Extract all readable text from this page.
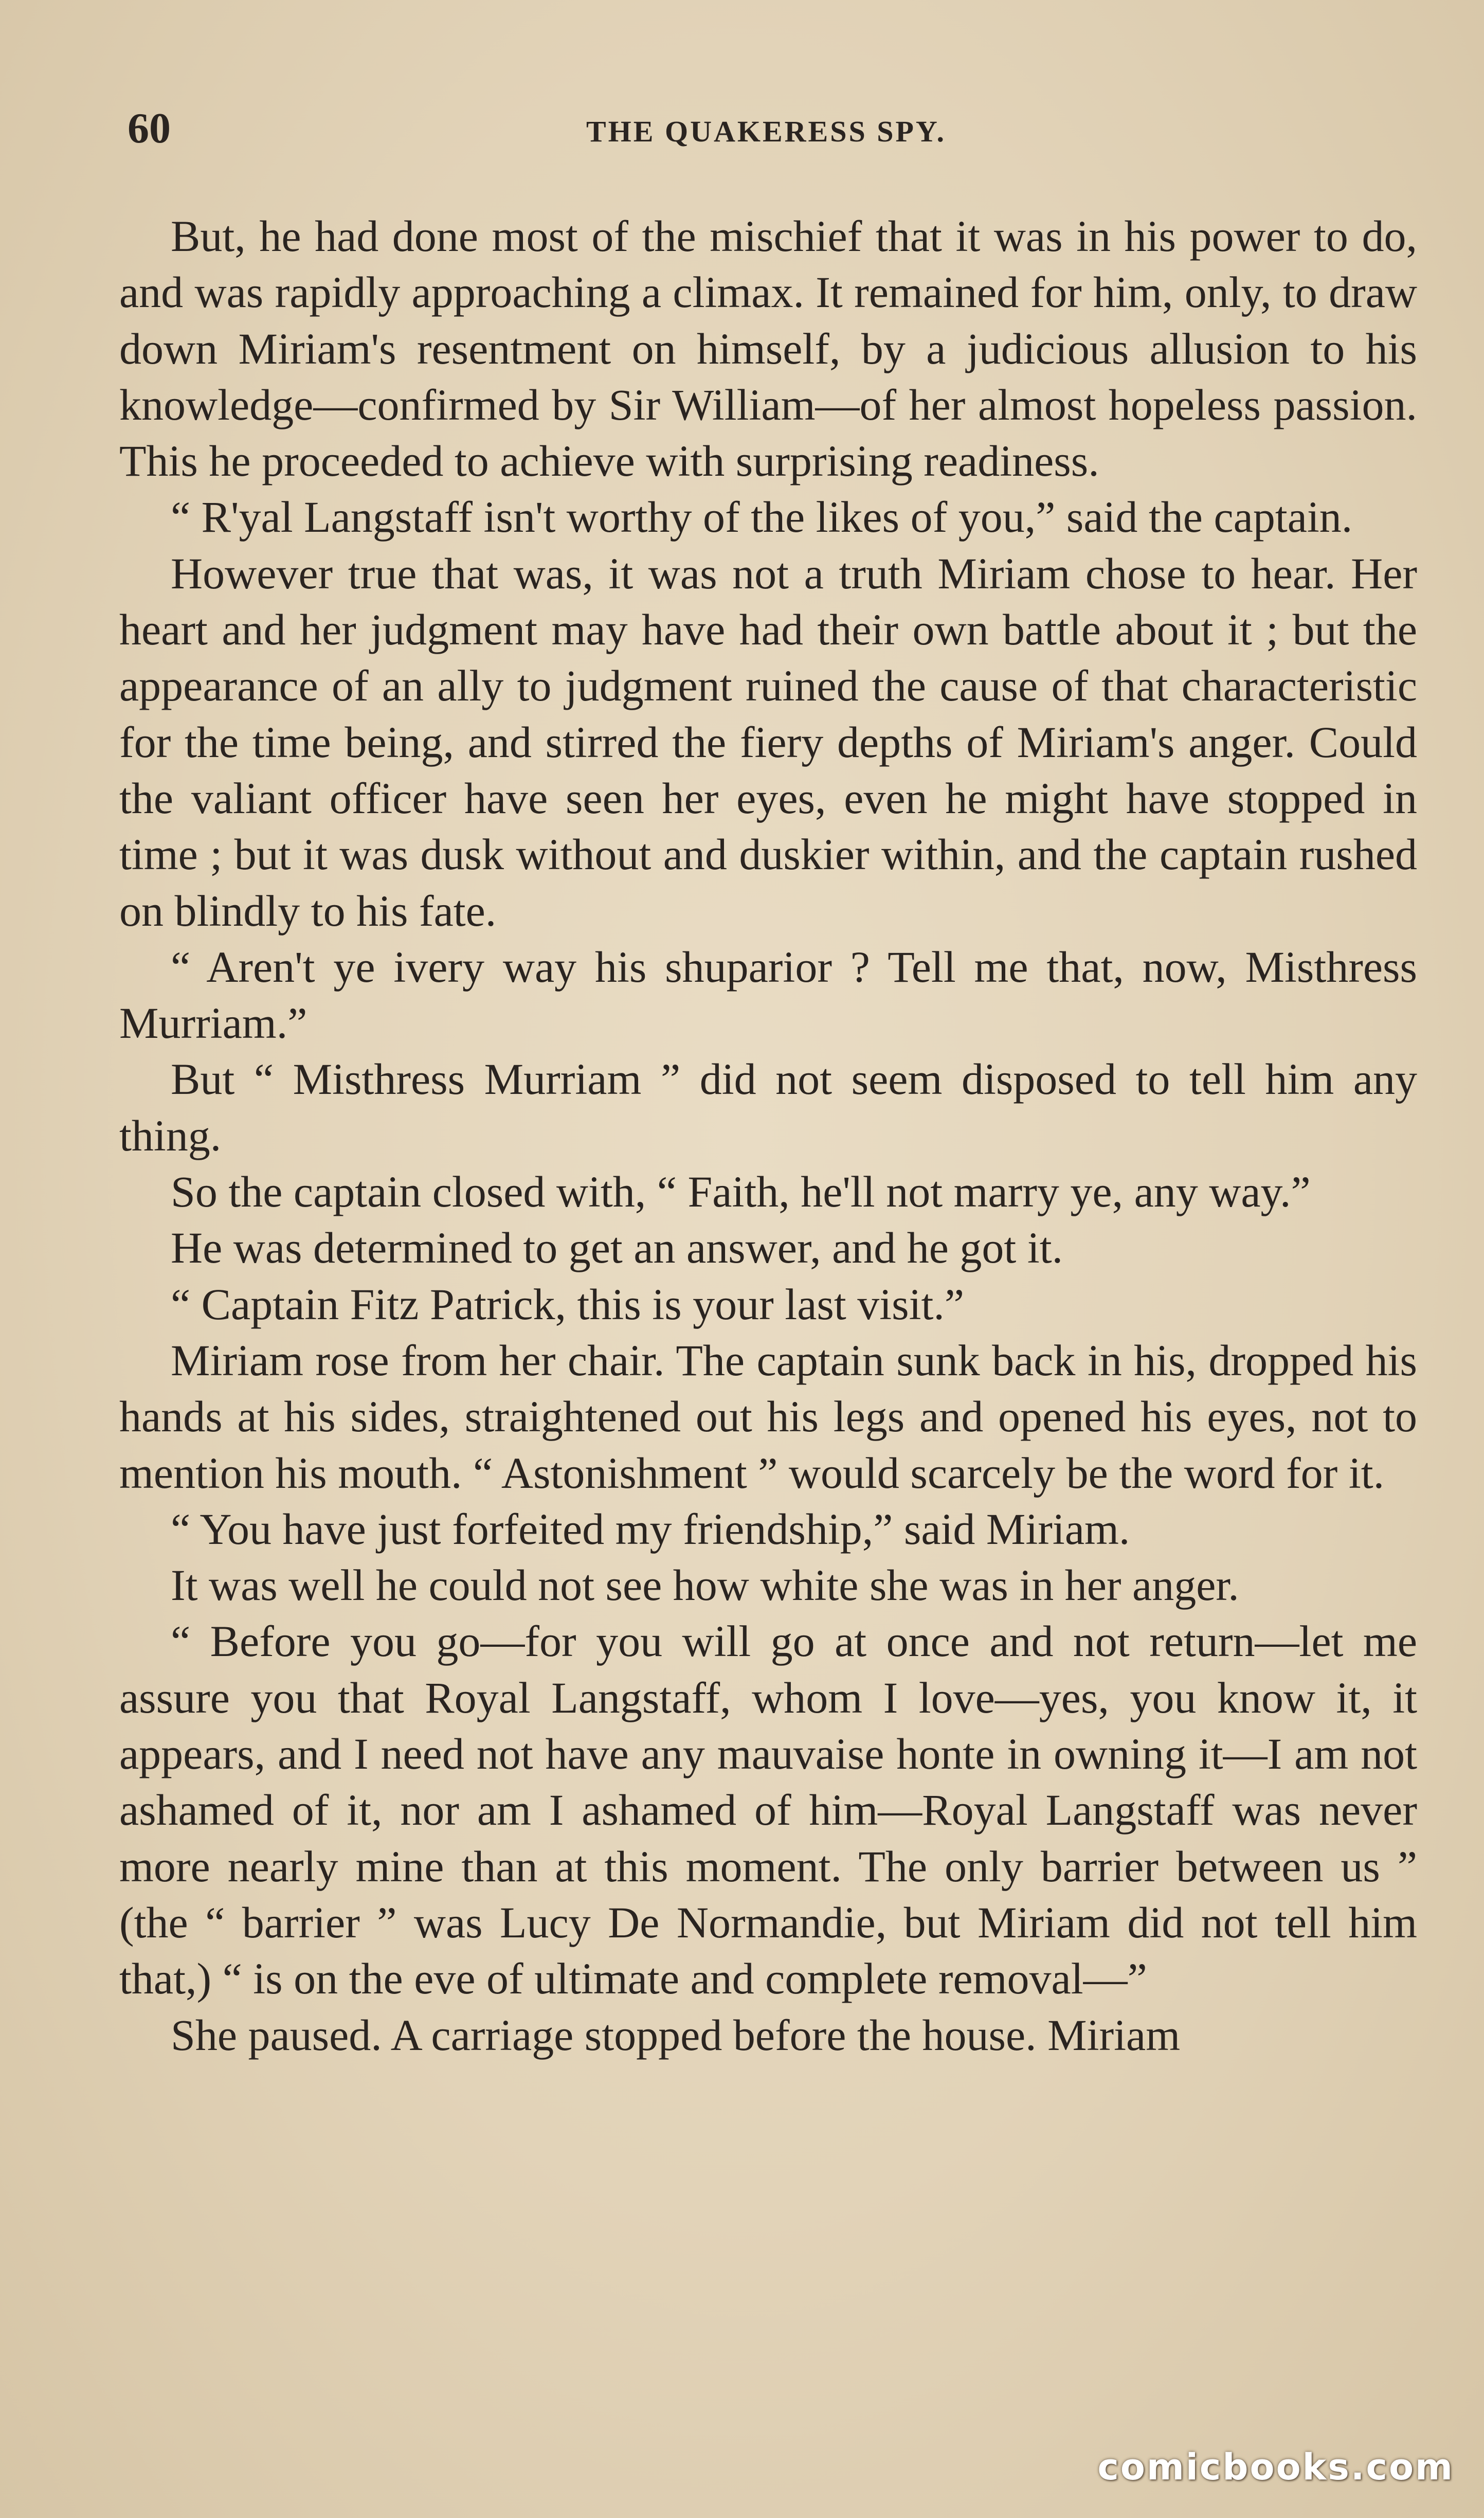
60	THE QUAKERESS SPY.

But, he had done most of the mischief that it was in his power to do, and was rapidly approaching a climax. It remained for him, only, to draw down Miriam's resentment on himself, by a judicious allusion to his knowledge—confirmed by Sir William—of her almost hopeless passion. This he proceeded to achieve with surprising readiness.

“ R'yal Langstaff isn't worthy of the likes of you,” said the captain.

However true that was, it was not a truth Miriam chose to hear. Her heart and her judgment may have had their own battle about it ; but the appearance of an ally to judgment ruined the cause of that characteristic for the time being, and stirred the fiery depths of Miriam's anger. Could the valiant officer have seen her eyes, even he might have stopped in time ; but it was dusk without and duskier within, and the captain rushed on blindly to his fate.

“ Aren't ye ivery way his shuparior ? Tell me that, now, Misthress Murriam.”

But “ Misthress Murriam ” did not seem disposed to tell him any thing.

So the captain closed with, “ Faith, he'll not marry ye, any way.”

He was determined to get an answer, and he got it.

“ Captain Fitz Patrick, this is your last visit.”

Miriam rose from her chair. The captain sunk back in his, dropped his hands at his sides, straightened out his legs and opened his eyes, not to mention his mouth. “ Astonishment ” would scarcely be the word for it.

“ You have just forfeited my friendship,” said Miriam.

It was well he could not see how white she was in her anger.

“ Before you go—for you will go at once and not return—let me assure you that Royal Langstaff, whom I love—yes, you know it, it appears, and I need not have any mauvaise honte in owning it—I am not ashamed of it, nor am I ashamed of him—Royal Langstaff was never more nearly mine than at this moment. The only barrier between us ” (the “ barrier ” was Lucy De Normandie, but Miriam did not tell him that,) “ is on the eve of ultimate and complete removal—”

She paused. A carriage stopped before the house. Miriam

comicbooks.com
